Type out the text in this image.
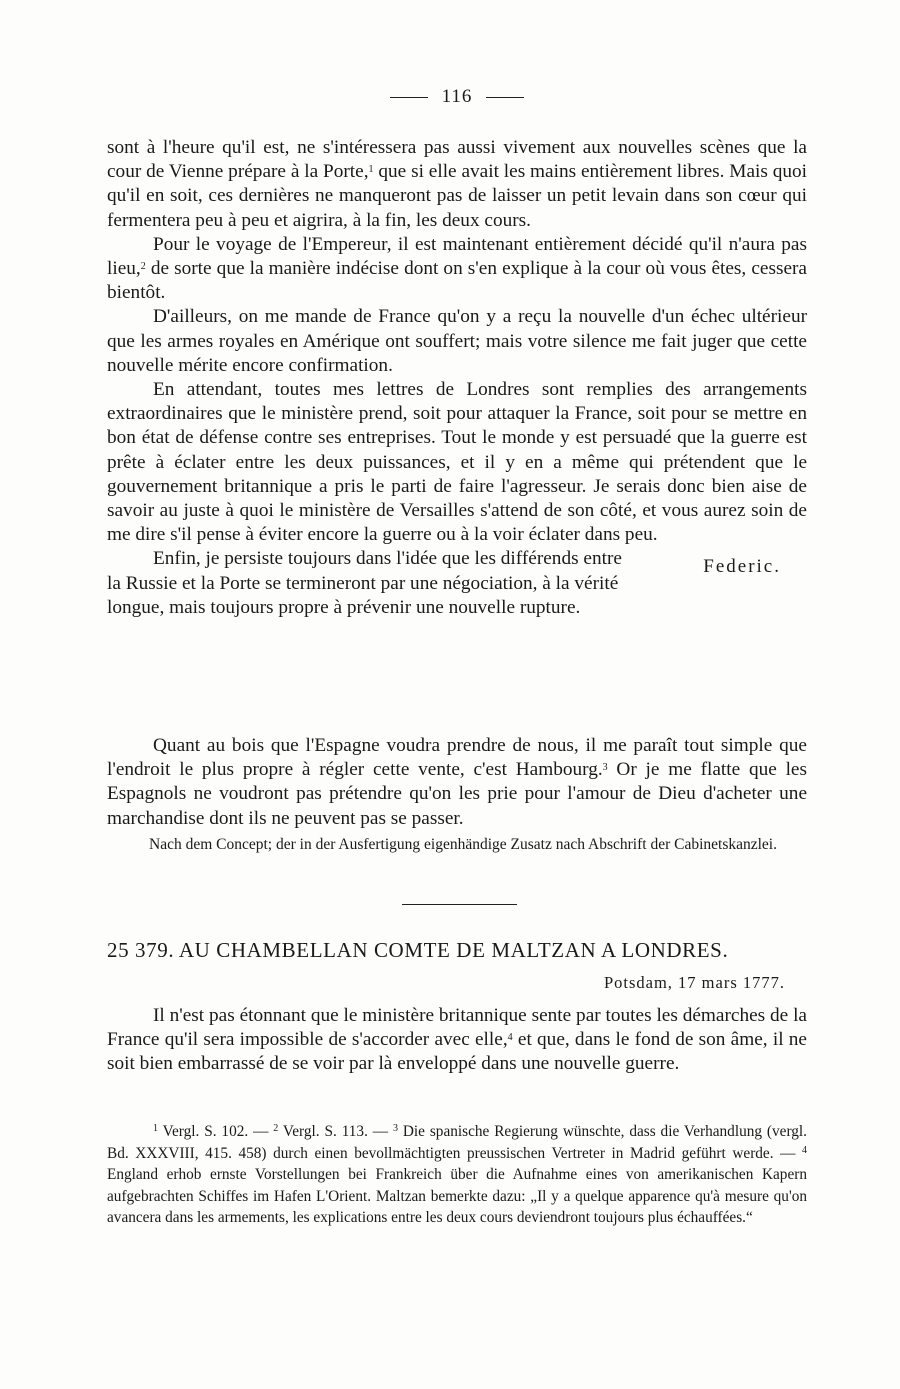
116

sont à l'heure qu'il est, ne s'intéressera pas aussi vivement aux nouvelles scènes que la cour de Vienne prépare à la Porte,$^1$ que si elle avait les mains entièrement libres. Mais quoi qu'il en soit, ces dernières ne manqueront pas de laisser un petit levain dans son cœur qui fermentera peu à peu et aigrira, à la fin, les deux cours.

Pour le voyage de l'Empereur, il est maintenant entièrement décidé qu'il n'aura pas lieu,$^2$ de sorte que la manière indécise dont on s'en explique à la cour où vous êtes, cessera bientôt.

D'ailleurs, on me mande de France qu'on y a reçu la nouvelle d'un échec ultérieur que les armes royales en Amérique ont souffert; mais votre silence me fait juger que cette nouvelle mérite encore confirmation.

En attendant, toutes mes lettres de Londres sont remplies des arrangements extraordinaires que le ministère prend, soit pour attaquer la France, soit pour se mettre en bon état de défense contre ses entreprises. Tout le monde y est persuadé que la guerre est prête à éclater entre les deux puissances, et il y en a même qui prétendent que le gouvernement britannique a pris le parti de faire l'agresseur. Je serais donc bien aise de savoir au juste à quoi le ministère de Versailles s'attend de son côté, et vous aurez soin de me dire s'il pense à éviter encore la guerre ou à la voir éclater dans peu.

Enfin, je persiste toujours dans l'idée que les différends entre la Russie et la Porte se termineront par une négociation, à la vérité longue, mais toujours propre à prévenir une nouvelle rupture.

Federic.

Quant au bois que l'Espagne voudra prendre de nous, il me paraît tout simple que l'endroit le plus propre à régler cette vente, c'est Hambourg.$^3$ Or je me flatte que les Espagnols ne voudront pas prétendre qu'on les prie pour l'amour de Dieu d'acheter une marchandise dont ils ne peuvent pas se passer.

Nach dem Concept; der in der Ausfertigung eigenhändige Zusatz nach Abschrift der Cabinetskanzlei.

25 379. AU CHAMBELLAN COMTE DE MALTZAN A LONDRES.
Potsdam, 17 mars 1777.

Il n'est pas étonnant que le ministère britannique sente par toutes les démarches de la France qu'il sera impossible de s'accorder avec elle,$^4$ et que, dans le fond de son âme, il ne soit bien embarrassé de se voir par là enveloppé dans une nouvelle guerre.

$^1$ Vergl. S. 102. — $^2$ Vergl. S. 113. — $^3$ Die spanische Regierung wünschte, dass die Verhandlung (vergl. Bd. XXXVIII, 415. 458) durch einen bevollmächtigten preussischen Vertreter in Madrid geführt werde. — $^4$ England erhob ernste Vorstellungen bei Frankreich über die Aufnahme eines von amerikanischen Kapern aufgebrachten Schiffes im Hafen L'Orient. Maltzan bemerkte dazu: „Il y a quelque apparence qu'à mesure qu'on avancera dans les armements, les explications entre les deux cours deviendront toujours plus échauffées.“
